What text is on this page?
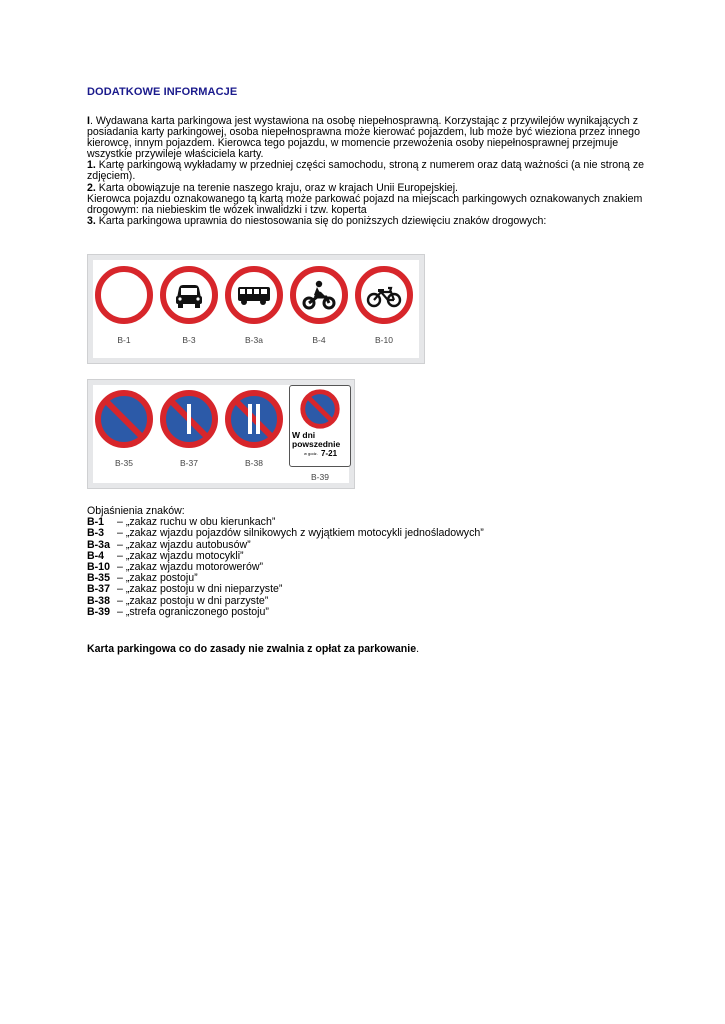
DODATKOWE INFORMACJE

I. Wydawana karta parkingowa jest wystawiona na osobę niepełnosprawną. Korzystając z przywilejów wynikających z posiadania karty parkingowej, osoba niepełnosprawna może kierować pojazdem, lub może być wieziona przez innego kierowcę, innym pojazdem. Kierowca tego pojazdu, w momencie przewożenia osoby niepełnosprawnej przejmuje wszystkie przywileje właściciela karty.

1. Kartę parkingową wykładamy w przedniej części samochodu, stroną z numerem oraz datą ważności (a nie stroną ze zdjęciem).

2. Karta obowiązuje na terenie naszego kraju, oraz w krajach Unii Europejskiej.

Kierowca pojazdu oznakowanego tą kartą może parkować pojazd na miejscach parkingowych oznakowanych znakiem drogowym: na niebieskim tle wózek inwalidzki i tzw. koperta

3. Karta parkingowa uprawnia do niestosowania się do poniższych dziewięciu znaków drogowych:

B-1	B-3	B-3a	B-4	B-10
B-35	B-37	B-38
W dni
powszednie
w godz. 7-21
B-39
Objaśnienia znaków:
B-1 – „zakaz ruchu w obu kierunkach”
B-3 – „zakaz wjazdu pojazdów silnikowych z wyjątkiem motocykli jednośladowych”
B-3a – „zakaz wjazdu autobusów”
B-4 – „zakaz wjazdu motocykli”
B-10 – „zakaz wjazdu motorowerów”
B-35 – „zakaz postoju”
B-37 – „zakaz postoju w dni nieparzyste”
B-38 – „zakaz postoju w dni parzyste”
B-39 – „strefa ograniczonego postoju”
Karta parkingowa co do zasady nie zwalnia z opłat za parkowanie.
